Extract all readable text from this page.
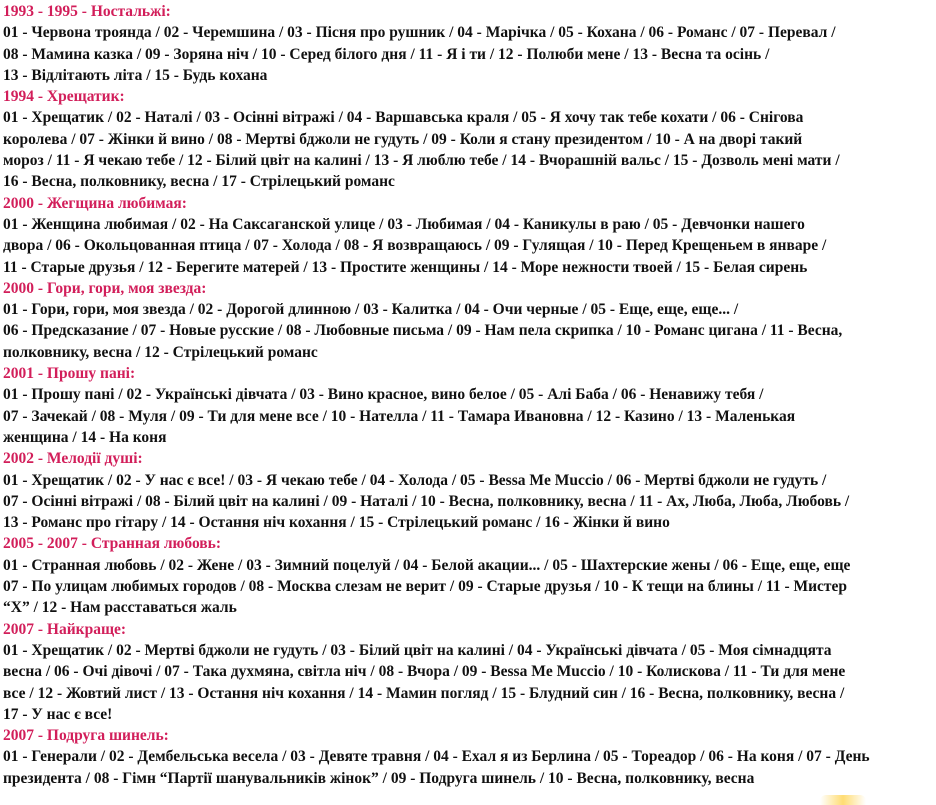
1993 - 1995 - Ностальжі:
01 - Червона троянда / 02 - Черемшина / 03 - Пісня про рушник / 04 - Марічка / 05 - Кохана / 06 - Романс / 07 - Перевал /
08 - Мамина казка / 09 - Зоряна ніч / 10 - Серед білого дня / 11 - Я і ти / 12 - Полюби мене / 13 - Весна та осінь /
13 - Відлітають літа / 15 - Будь кохана
1994 - Хрещатик:
01 - Хрещатик / 02 - Наталі / 03 - Осінні вітражі / 04 - Варшавська краля / 05 - Я хочу так тебе кохати / 06 - Снігова
королева / 07 - Жінки й вино / 08 - Мертві бджоли не гудуть / 09 - Коли я стану президентом / 10 - А на дворі такий
мороз / 11 - Я чекаю тебе / 12 - Білий цвіт на калині / 13 - Я люблю тебе / 14 - Вчорашній вальс / 15 - Дозволь мені мати /
16 - Весна, полковнику, весна / 17 - Стрілецький романс
2000 - Жегщина любимая:
01 - Женщина любимая / 02 - На Саксаганской улице / 03 - Любимая / 04 - Каникулы в раю / 05 - Девчонки нашего
двора / 06 - Окольцованная птица / 07 - Холода / 08 - Я возвращаюсь / 09 - Гулящая / 10 - Перед Крещеньем в январе /
11 - Старые друзья / 12 - Берегите матерей / 13 - Простите женщины / 14 - Море нежности твоей / 15 - Белая сирень
2000 - Гори, гори, моя звезда:
01 - Гори, гори, моя звезда / 02 - Дорогой длинною / 03 - Калитка / 04 - Очи черные / 05 - Еще, еще, еще... /
06 - Предсказание / 07 - Новые русские / 08 - Любовные письма / 09 - Нам пела скрипка / 10 - Романс цигана / 11 - Весна,
полковнику, весна / 12 - Стрілецький романс
2001 - Прошу пані:
01 - Прошу пані / 02 - Українські дівчата / 03 - Вино красное, вино белое / 05 - Алі Баба / 06 - Ненавижу тебя /
07 - Зачекай / 08 - Муля / 09 - Ти для мене все / 10 - Нателла / 11 - Тамара Ивановна / 12 - Казино / 13 - Маленькая
женщина / 14 - На коня
2002 - Мелодії душі:
01 - Хрещатик / 02 - У нас є все! / 03 - Я чекаю тебе / 04 - Холода / 05 - Bessa Me Muccio / 06 - Мертві бджоли не гудуть /
07 - Осінні вітражі / 08 - Білий цвіт на калині / 09 - Наталі / 10 - Весна, полковнику, весна / 11 - Ах, Люба, Люба, Любовь /
13 - Романс про гітару / 14 - Остання ніч кохання / 15 - Стрілецький романс / 16 - Жінки й вино
2005 - 2007 - Странная любовь:
01 - Странная любовь / 02 - Жене / 03 - Зимний поцелуй / 04 - Белой акации... / 05 - Шахтерские жены / 06 - Еще, еще, еще
07 - По улицам любимых городов / 08 - Москва слезам не верит / 09 - Старые друзья / 10 - К тещи на блины / 11 - Мистер
“Х” / 12 - Нам расставаться жаль
2007 - Найкраще:
01 - Хрещатик / 02 - Мертві бджоли не гудуть / 03 - Білий цвіт на калині / 04 - Українські дівчата / 05 - Моя сімнадцята
весна / 06 - Очі дівочі / 07 - Така духмяна, світла ніч / 08 - Вчора / 09 - Bessa Me Muccio / 10 - Колискова / 11 - Ти для мене
все / 12 - Жовтий лист / 13 - Остання ніч кохання / 14 - Мамин погляд / 15 - Блудний син / 16 - Весна, полковнику, весна /
17 - У нас є все!
2007 - Подруга шинель:
01 - Генерали / 02 - Дембельська весела / 03 - Девяте травня / 04 - Ехал я из Берлина / 05 - Тореадор / 06 - На коня / 07 - День
президента / 08 - Гімн “Партії шанувальників жінок” / 09 - Подруга шинель / 10 - Весна, полковнику, весна
